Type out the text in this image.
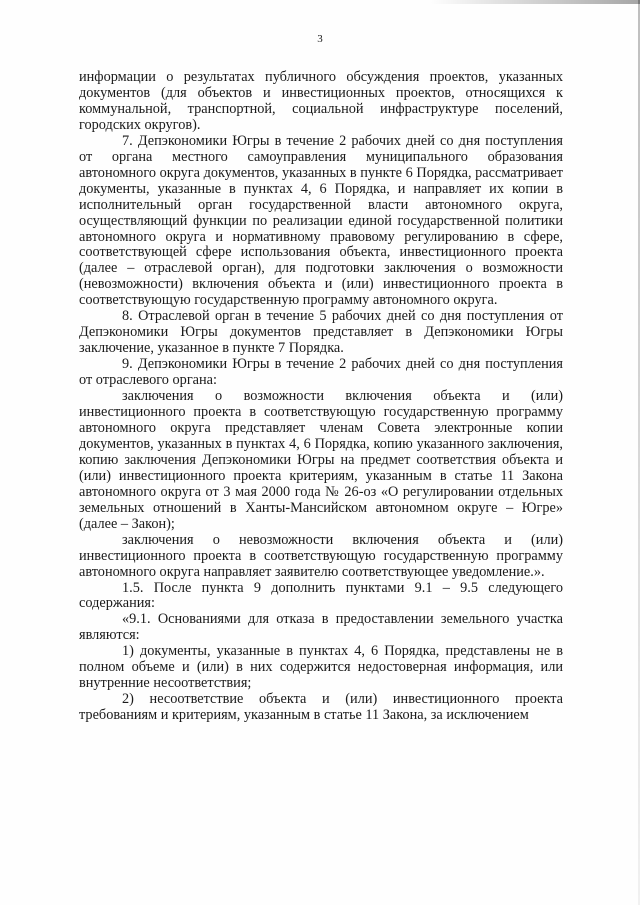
3

информации о результатах публичного обсуждения проектов, указанных документов (для объектов и инвестиционных проектов, относящихся к коммунальной, транспортной, социальной инфраструктуре поселений, городских округов).

7. Депэкономики Югры в течение 2 рабочих дней со дня поступления от органа местного самоуправления муниципального образования автономного округа документов, указанных в пункте 6 Порядка, рассматривает документы, указанные в пунктах 4, 6 Порядка, и направляет их копии в исполнительный орган государственной власти автономного округа, осуществляющий функции по реализации единой государственной политики автономного округа и нормативному правовому регулированию в сфере, соответствующей сфере использования объекта, инвестиционного проекта (далее – отраслевой орган), для подготовки заключения о возможности (невозможности) включения объекта и (или) инвестиционного проекта в соответствующую государственную программу автономного округа.

8. Отраслевой орган в течение 5 рабочих дней со дня поступления от Депэкономики Югры документов представляет в Депэкономики Югры заключение, указанное в пункте 7 Порядка.

9. Депэкономики Югры в течение 2 рабочих дней со дня поступления от отраслевого органа:

заключения о возможности включения объекта и (или) инвестиционного проекта в соответствующую государственную программу автономного округа представляет членам Совета электронные копии документов, указанных в пунктах 4, 6 Порядка, копию указанного заключения, копию заключения Депэкономики Югры на предмет соответствия объекта и (или) инвестиционного проекта критериям, указанным в статье 11 Закона автономного округа от 3 мая 2000 года № 26-оз «О регулировании отдельных земельных отношений в Ханты-Мансийском автономном округе – Югре» (далее – Закон);

заключения о невозможности включения объекта и (или) инвестиционного проекта в соответствующую государственную программу автономного округа направляет заявителю соответствующее уведомление.».

1.5. После пункта 9 дополнить пунктами 9.1 – 9.5 следующего содержания:

«9.1. Основаниями для отказа в предоставлении земельного участка являются:

1) документы, указанные в пунктах 4, 6 Порядка, представлены не в полном объеме и (или) в них содержится недостоверная информация, или внутренние несоответствия;

2) несоответствие объекта и (или) инвестиционного проекта требованиям и критериям, указанным в статье 11 Закона, за исключением
